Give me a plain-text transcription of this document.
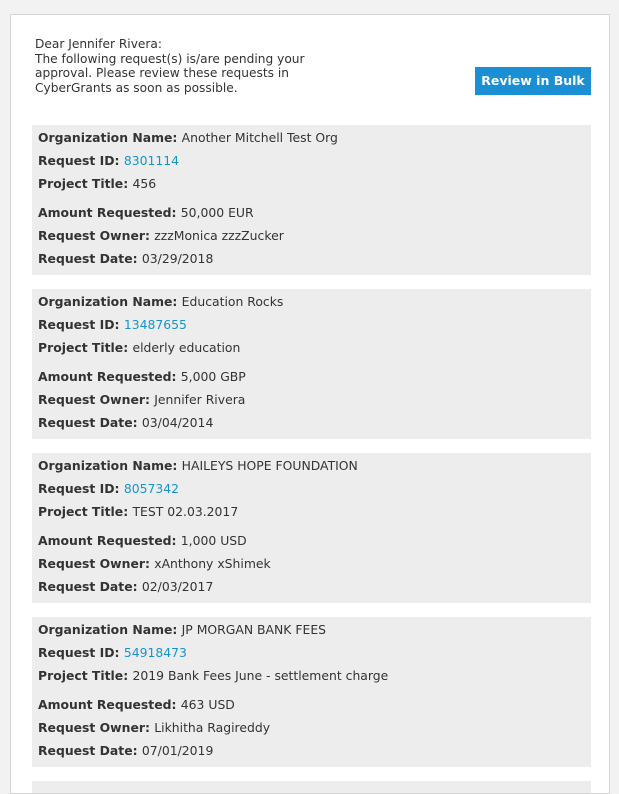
Dear Jennifer Rivera:
The following request(s) is/are pending your
approval. Please review these requests in
CyberGrants as soon as possible.	Review in Bulk
Organization Name: Another Mitchell Test Org
Request ID: 8301114
Project Title: 456
Amount Requested: 50,000 EUR
Request Owner: zzzMonica zzzZucker
Request Date: 03/29/2018
Organization Name: Education Rocks
Request ID: 13487655
Project Title: elderly education
Amount Requested: 5,000 GBP
Request Owner: Jennifer Rivera
Request Date: 03/04/2014
Organization Name: HAILEYS HOPE FOUNDATION
Request ID: 8057342
Project Title: TEST 02.03.2017
Amount Requested: 1,000 USD
Request Owner: xAnthony xShimek
Request Date: 02/03/2017
Organization Name: JP MORGAN BANK FEES
Request ID: 54918473
Project Title: 2019 Bank Fees June - settlement charge
Amount Requested: 463 USD
Request Owner: Likhitha Ragireddy
Request Date: 07/01/2019
